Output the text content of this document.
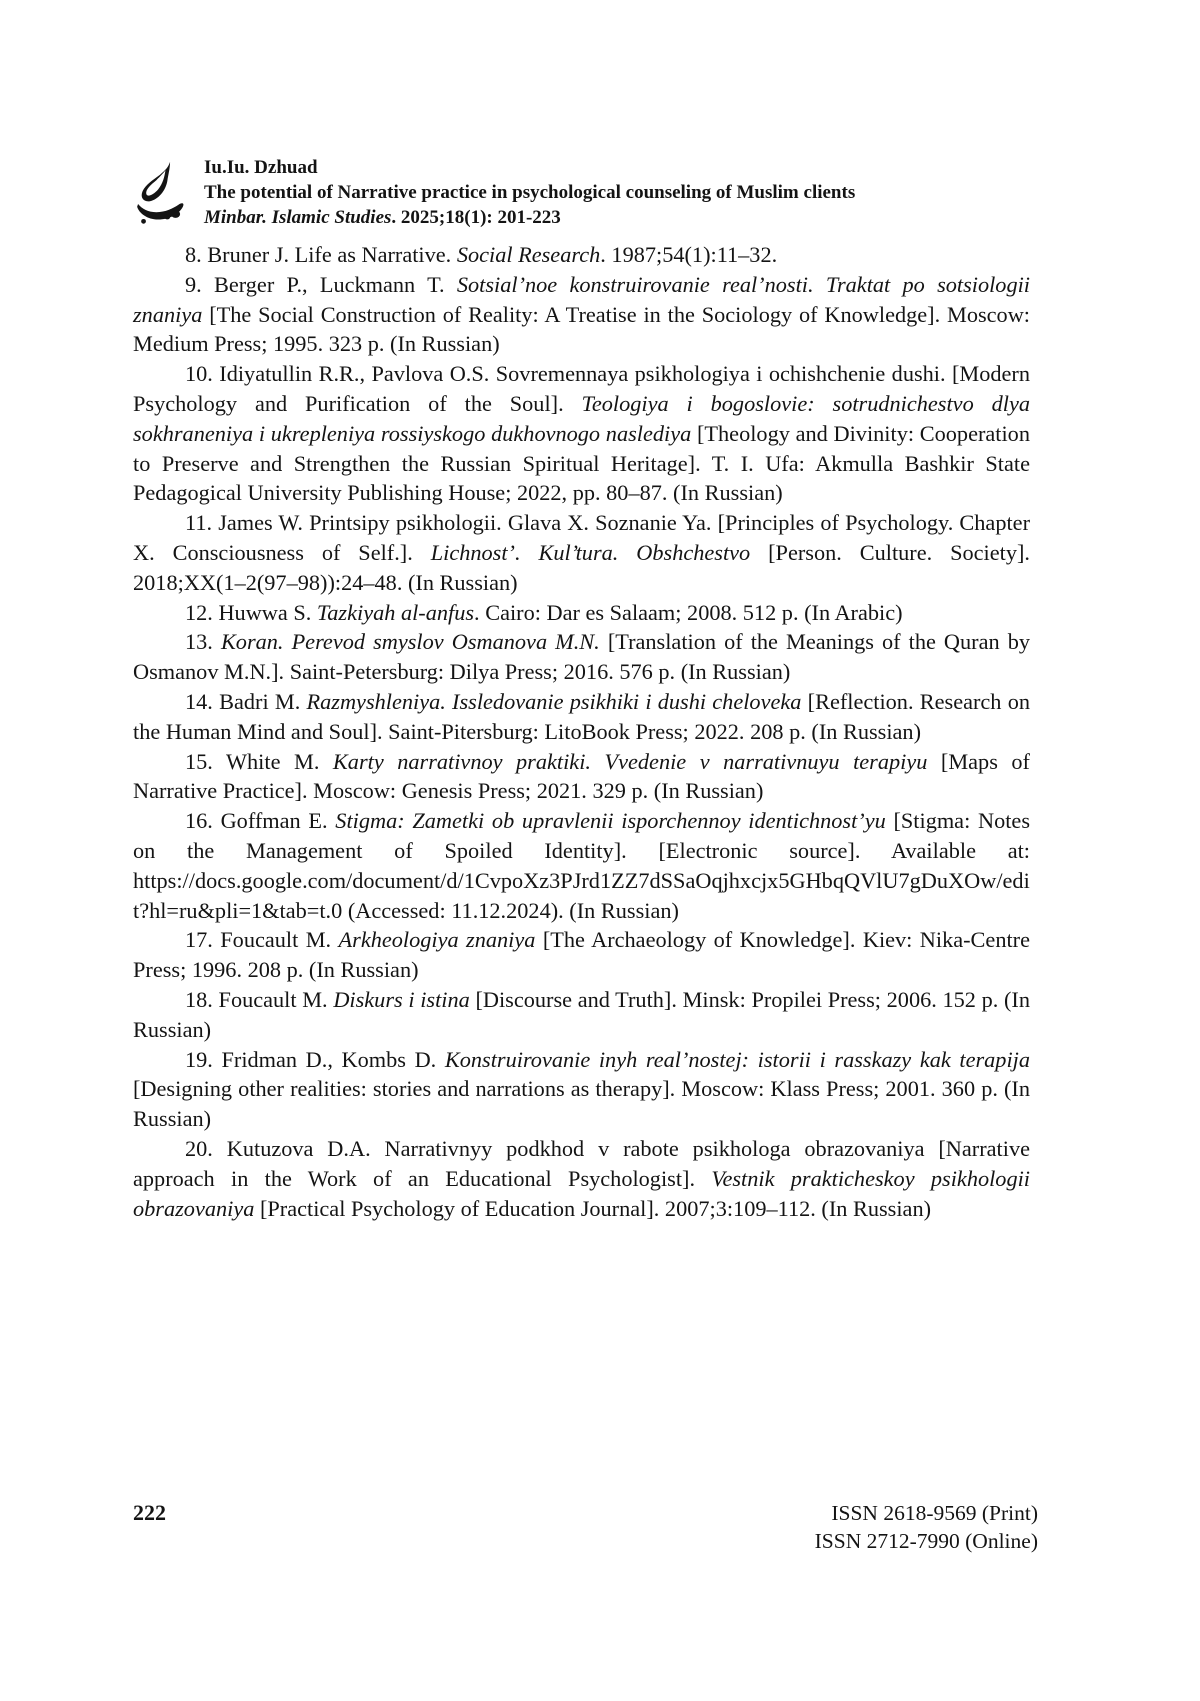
Iu.Iu. Dzhuad
The potential of Narrative practice in psychological counseling of Muslim clients
Minbar. Islamic Studies. 2025;18(1): 201-223

8. Bruner J. Life as Narrative. Social Research. 1987;54(1):11–32.

9. Berger P., Luckmann T. Sotsial’noe konstruirovanie real’nosti. Traktat po sotsiologii znaniya [The Social Construction of Reality: A Treatise in the Sociology of Knowledge]. Moscow: Medium Press; 1995. 323 p. (In Russian)

10. Idiyatullin R.R., Pavlova O.S. Sovremennaya psikhologiya i ochishchenie dushi. [Modern Psychology and Purification of the Soul]. Teologiya i bogoslovie: sotrudnichestvo dlya sokhraneniya i ukrepleniya rossiyskogo dukhovnogo naslediya [Theology and Divinity: Cooperation to Preserve and Strengthen the Russian Spiritual Heritage]. T. I. Ufa: Akmulla Bashkir State Pedagogical University Publishing House; 2022, pp. 80–87. (In Russian)

11. James W. Printsipy psikhologii. Glava X. Soznanie Ya. [Principles of Psychology. Chapter X. Consciousness of Self.]. Lichnost’. Kul’tura. Obshchestvo [Person. Culture. Society]. 2018;XX(1–2(97–98)):24–48. (In Russian)

12. Huwwa S. Tazkiyah al-anfus. Cairo: Dar es Salaam; 2008. 512 p. (In Arabic)

13. Koran. Perevod smyslov Osmanova M.N. [Translation of the Meanings of the Quran by Osmanov M.N.]. Saint-Petersburg: Dilya Press; 2016. 576 p. (In Russian)

14. Badri M. Razmyshleniya. Issledovanie psikhiki i dushi cheloveka [Reflection. Research on the Human Mind and Soul]. Saint-Pitersburg: LitoBook Press; 2022. 208 p. (In Russian)

15. White M. Karty narrativnoy praktiki. Vvedenie v narrativnuyu terapiyu [Maps of Narrative Practice]. Moscow: Genesis Press; 2021. 329 p. (In Russian)

16. Goffman E. Stigma: Zametki ob upravlenii isporchennoy identichnost’yu [Stigma: Notes on the Management of Spoiled Identity]. [Electronic source]. Available at: https://docs.google.com/document/d/1CvpoXz3PJrd1ZZ7dSSaOqjhxcjx5GHbqQVlU7gDuXOw/edit?hl=ru&pli=1&tab=t.0 (Accessed: 11.12.2024). (In Russian)

17. Foucault M. Arkheologiya znaniya [The Archaeology of Knowledge]. Kiev: Nika-Centre Press; 1996. 208 p. (In Russian)

18. Foucault M. Diskurs i istina [Discourse and Truth]. Minsk: Propilei Press; 2006. 152 p. (In Russian)

19. Fridman D., Kombs D. Konstruirovanie inyh real’nostej: istorii i rasskazy kak terapija [Designing other realities: stories and narrations as therapy]. Moscow: Klass Press; 2001. 360 p. (In Russian)

20. Kutuzova D.A. Narrativnyy podkhod v rabote psikhologa obrazovaniya [Narrative approach in the Work of an Educational Psychologist]. Vestnik prakticheskoy psikhologii obrazovaniya [Practical Psychology of Education Journal]. 2007;3:109–112. (In Russian)

222	ISSN 2618-9569 (Print)
ISSN 2712-7990 (Online)
